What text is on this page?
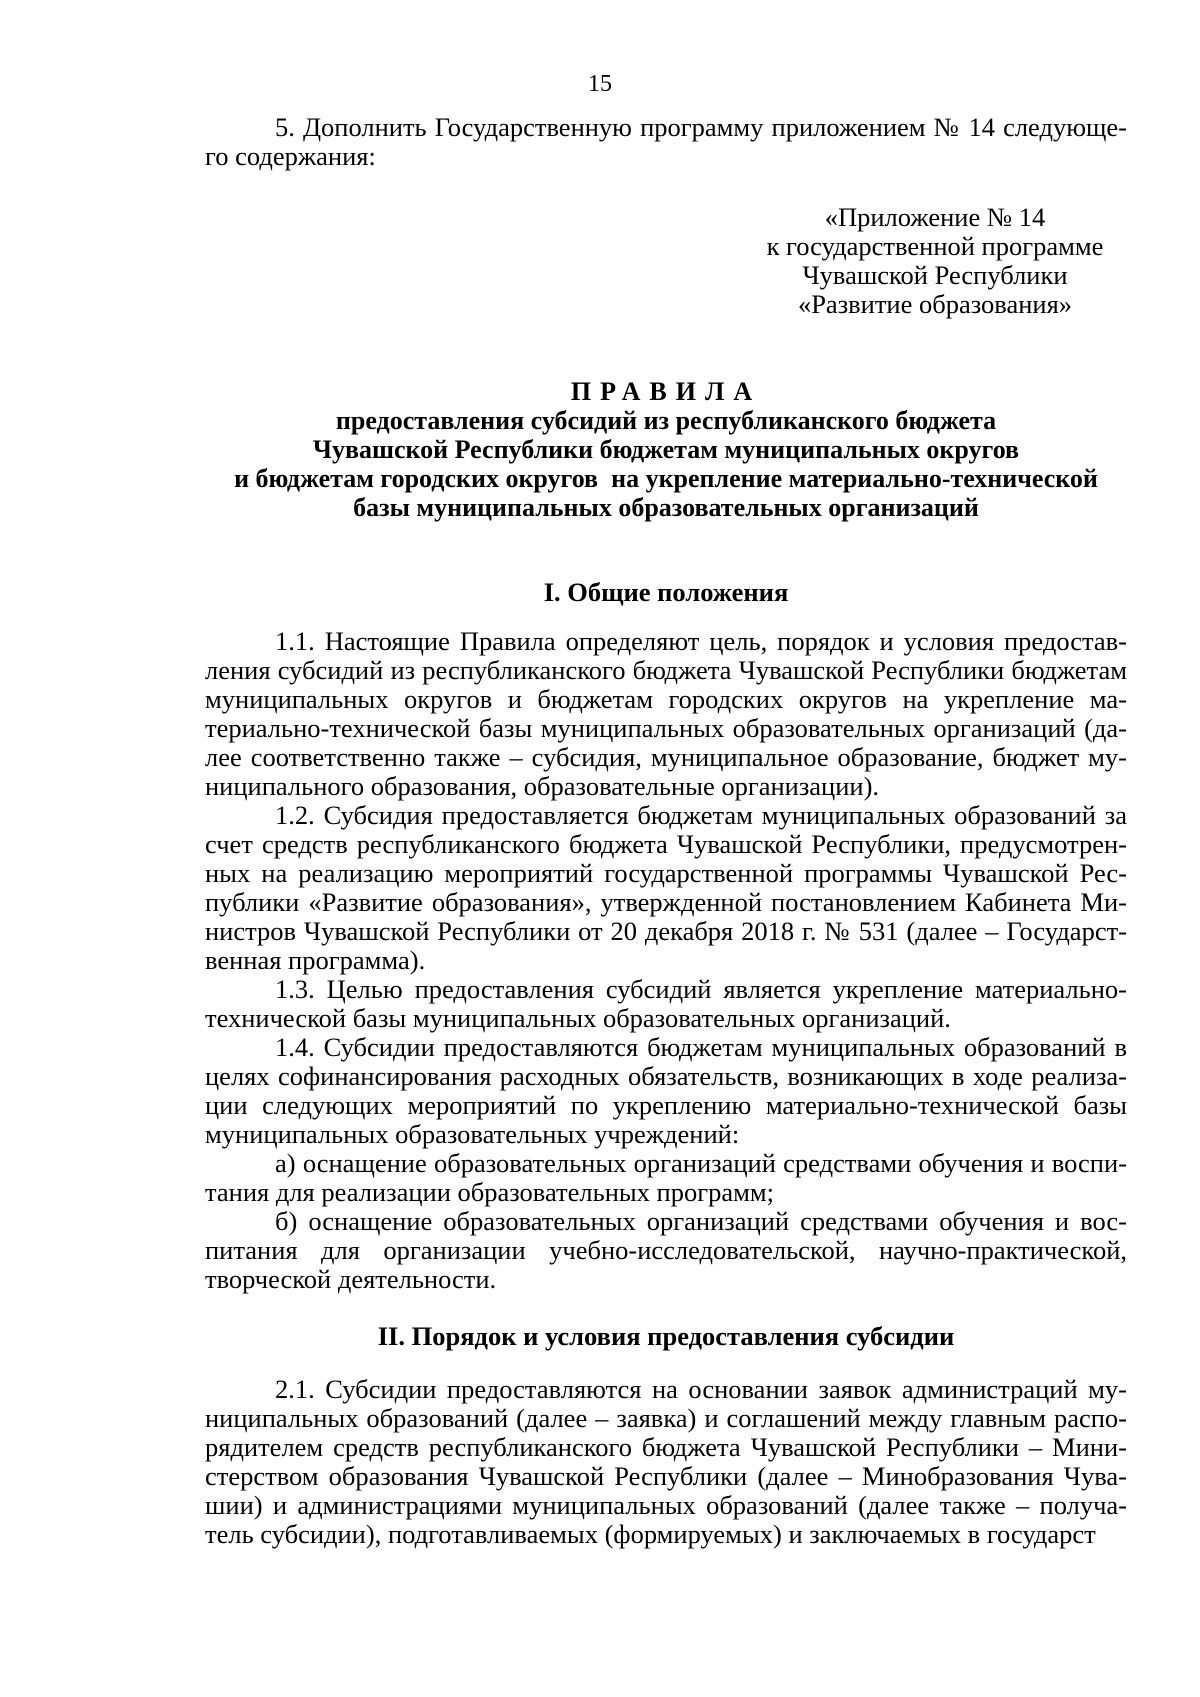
15

5. Дополнить Государственную программу приложением № 14 следующего содержания:

«Приложение № 14
к государственной программе
Чувашской Республики
«Развитие образования»
ПРАВИЛА
предоставления субсидий из республиканского бюджета
Чувашской Республики бюджетам муниципальных округов
и бюджетам городских округов  на укрепление материально-технической
базы муниципальных образовательных организаций
I. Общие положения

1.1. Настоящие Правила определяют цель, порядок и условия предоставления субсидий из республиканского бюджета Чувашской Республики бюджетам муниципальных округов и бюджетам городских округов на укрепление материально-технической базы муниципальных образовательных организаций (далее соответственно также – субсидия, муниципальное образование, бюджет муниципального образования, образовательные организации).

1.2. Субсидия предоставляется бюджетам муниципальных образований за счет средств республиканского бюджета Чувашской Республики, предусмотренных на реализацию мероприятий государственной программы Чувашской Республики «Развитие образования», утвержденной постановлением Кабинета Министров Чувашской Республики от 20 декабря 2018 г. № 531 (далее – Государственная программа).

1.3. Целью предоставления субсидий является укрепление материально-технической базы муниципальных образовательных организаций.

1.4. Субсидии предоставляются бюджетам муниципальных образований в целях софинансирования расходных обязательств, возникающих в ходе реализации следующих мероприятий по укреплению материально-технической базы муниципальных образовательных учреждений:

а) оснащение образовательных организаций средствами обучения и воспитания для реализации образовательных программ;

б) оснащение образовательных организаций средствами обучения и воспитания для организации учебно-исследовательской, научно-практической, творческой деятельности.

II. Порядок и условия предоставления субсидии

2.1. Субсидии предоставляются на основании заявок администраций муниципальных образований (далее – заявка) и соглашений между главным распорядителем средств республиканского бюджета Чувашской Республики – Министерством образования Чувашской Республики (далее – Минобразования Чувашии) и администрациями муниципальных образований (далее также – получатель субсидии), подготавливаемых (формируемых) и заключаемых в государст
